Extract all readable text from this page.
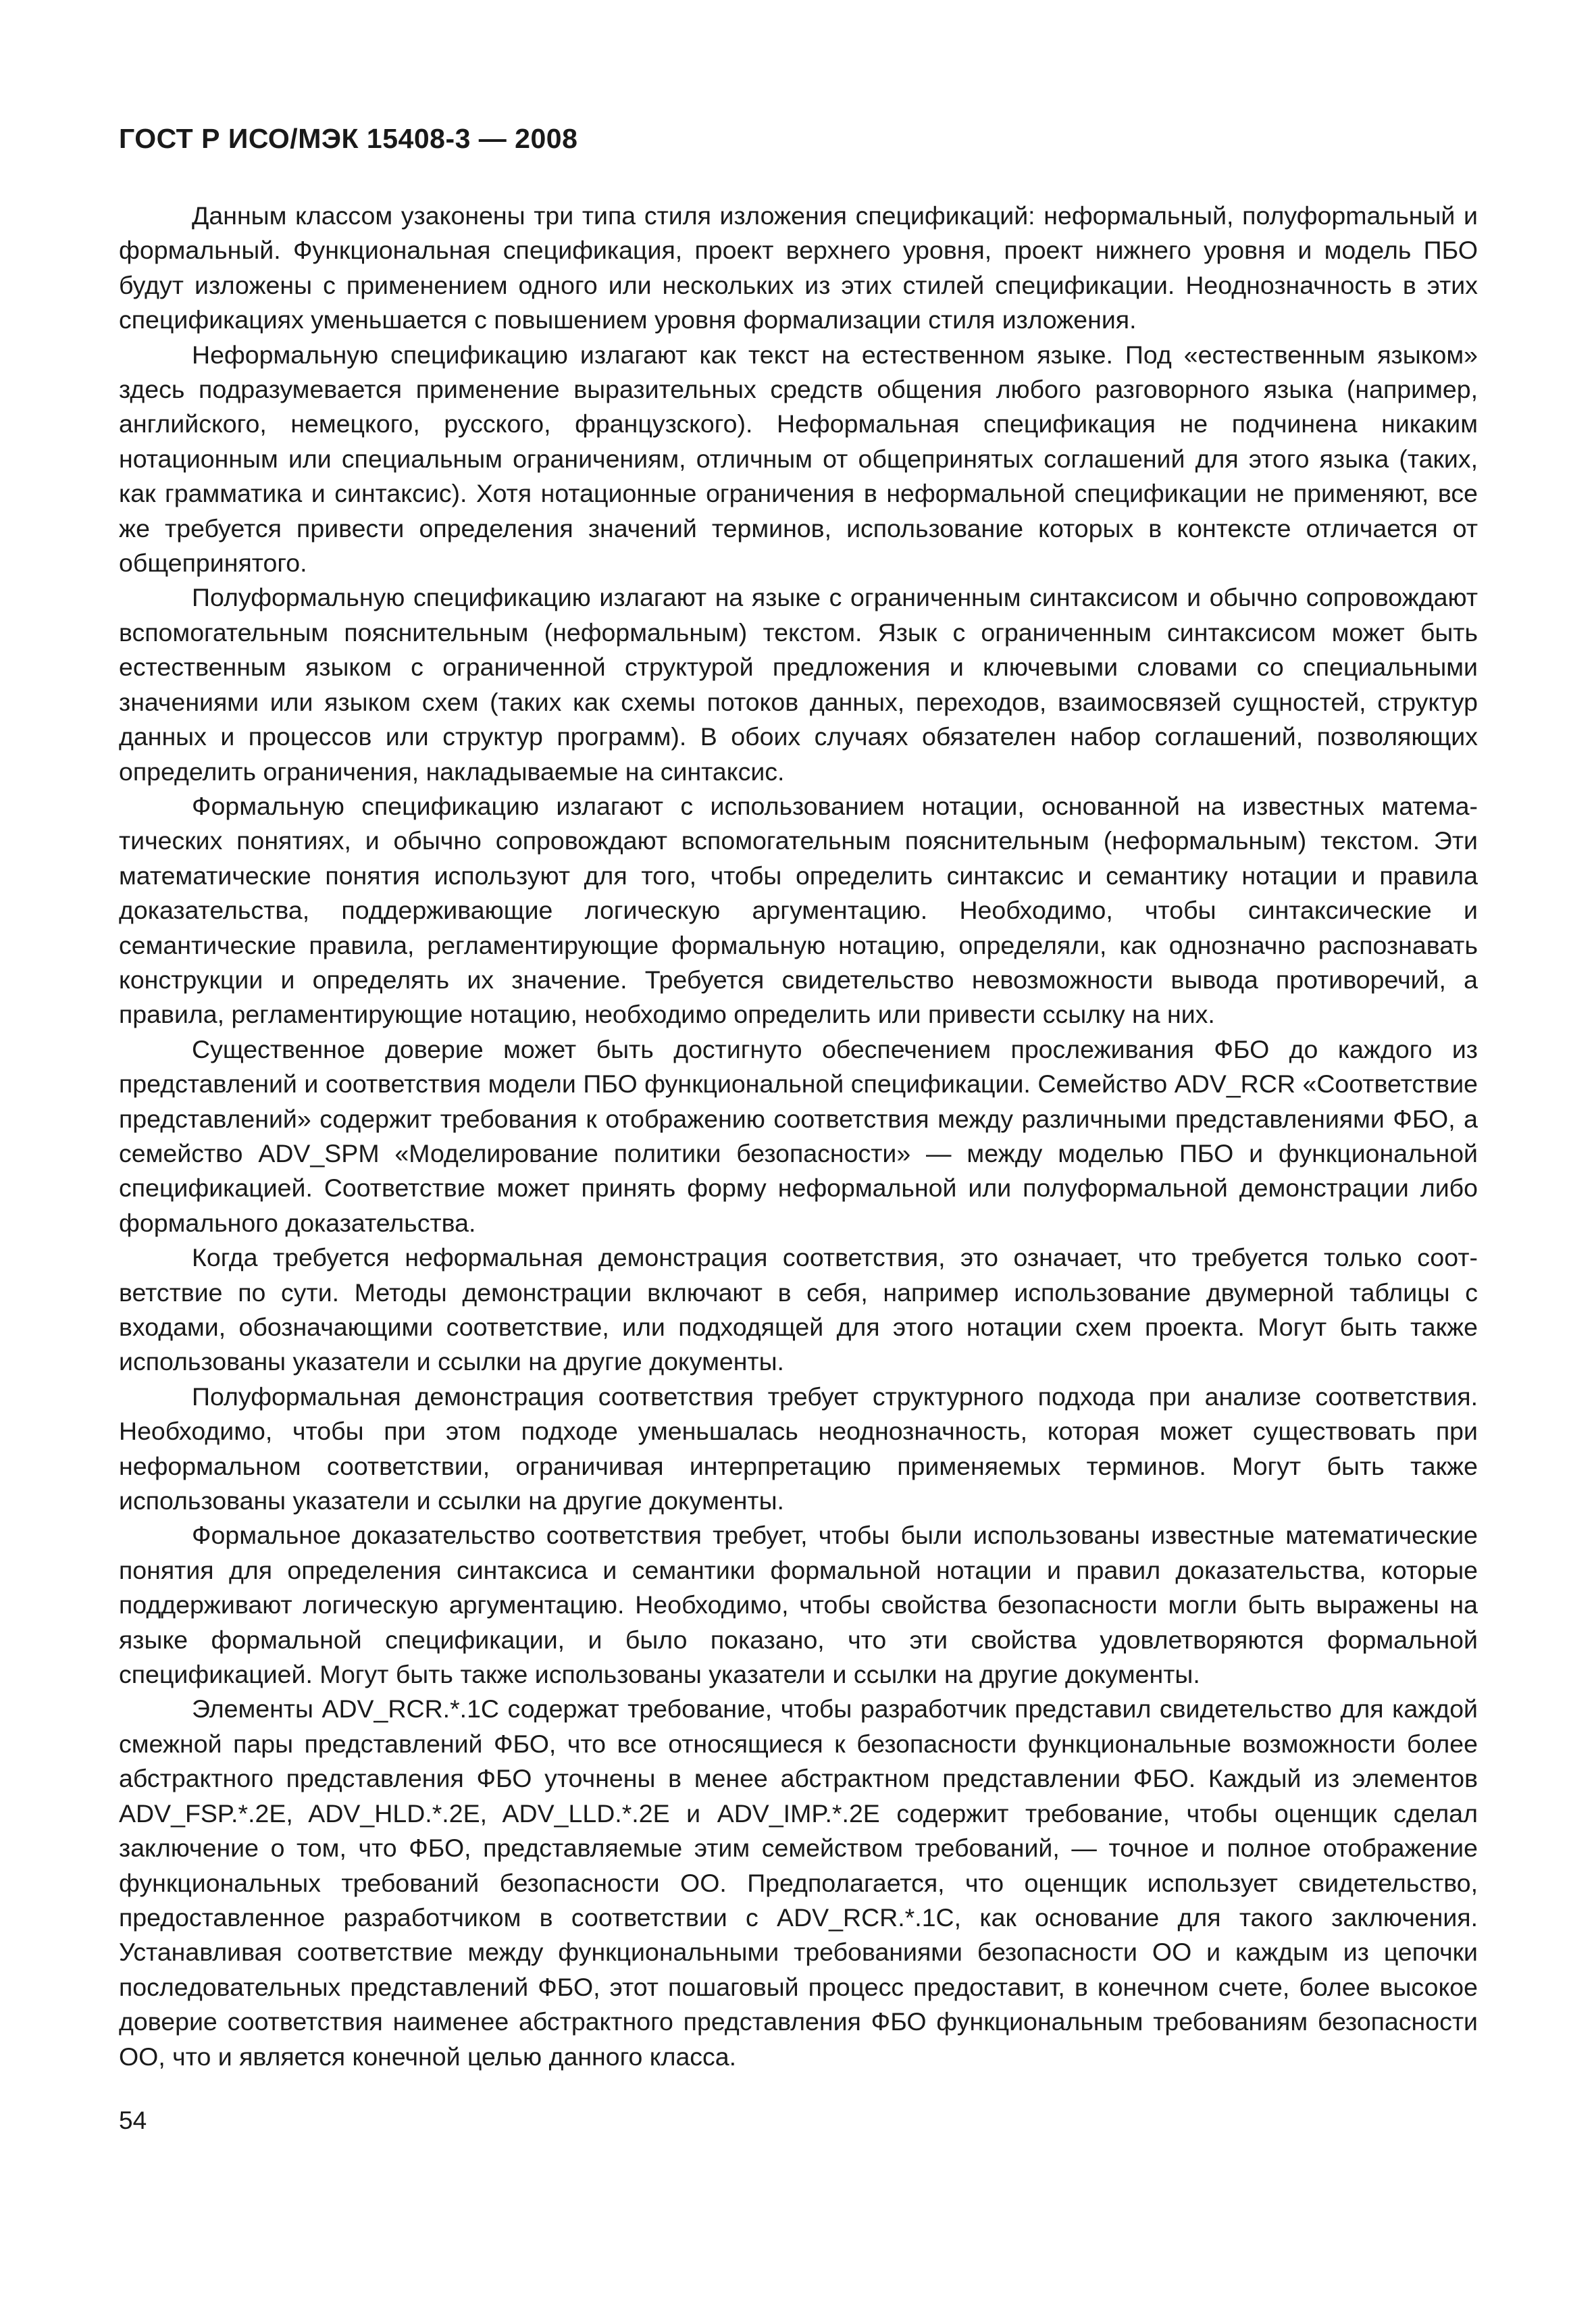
ГОСТ Р ИСО/МЭК 15408-3 — 2008

Данным классом узаконены три типа стиля изложения спецификаций: неформальный, полуфорmальный и формальный. Функциональная спецификация, проект верхнего уровня, проект нижнего уровня и модель ПБО будут изложены с применением одного или нескольких из этих стилей спецификации. Неоднозначность в этих спецификациях уменьшается с повышением уровня формализации стиля изложения.

Неформальную спецификацию излагают как текст на естественном языке. Под «естественным языком» здесь подразумевается применение выразительных средств общения любого разговорного языка (например, английского, немецкого, русского, французского). Неформальная спецификация не подчинена никаким нотационным или специальным ограничениям, отличным от общепринятых соглашений для этого языка (таких, как грамматика и синтаксис). Хотя нотационные ограничения в неформальной спецификации не применяют, все же требуется привести определения значений терминов, использование которых в контексте отличается от общепринятого.

Полуформальную спецификацию излагают на языке с ограниченным синтаксисом и обычно сопровождают вспомогательным пояснительным (неформальным) текстом. Язык с ограниченным синтаксисом может быть естественным языком с ограниченной структурой предложения и ключевыми словами со специальными значениями или языком схем (таких как схемы потоков данных, переходов, взаимосвязей сущностей, структур данных и процессов или структур программ). В обоих случаях обязателен набор соглашений, позволяющих определить ограничения, накладываемые на синтаксис.

Формальную спецификацию излагают с использованием нотации, основанной на известных математических понятиях, и обычно сопровождают вспомогательным пояснительным (неформальным) текстом. Эти математические понятия используют для того, чтобы определить синтаксис и семантику нотации и правила доказательства, поддерживающие логическую аргументацию. Необходимо, чтобы синтаксические и семантические правила, регламентирующие формальную нотацию, определяли, как однозначно распознавать конструкции и определять их значение. Требуется свидетельство невозможности вывода противоречий, а правила, регламентирующие нотацию, необходимо определить или привести ссылку на них.

Существенное доверие может быть достигнуто обеспечением прослеживания ФБО до каждого из представлений и соответствия модели ПБО функциональной спецификации. Семейство ADV_RCR «Соответствие представлений» содержит требования к отображению соответствия между различными представлениями ФБО, а семейство ADV_SPM «Моделирование политики безопасности» — между моделью ПБО и функциональной спецификацией. Соответствие может принять форму неформальной или полуформальной демонстрации либо формального доказательства.

Когда требуется неформальная демонстрация соответствия, это означает, что требуется только соответствие по сути. Методы демонстрации включают в себя, например использование двумерной таблицы с входами, обозначающими соответствие, или подходящей для этого нотации схем проекта. Могут быть также использованы указатели и ссылки на другие документы.

Полуформальная демонстрация соответствия требует структурного подхода при анализе соответствия. Необходимо, чтобы при этом подходе уменьшалась неоднозначность, которая может существовать при неформальном соответствии, ограничивая интерпретацию применяемых терминов. Могут быть также использованы указатели и ссылки на другие документы.

Формальное доказательство соответствия требует, чтобы были использованы известные математические понятия для определения синтаксиса и семантики формальной нотации и правил доказательства, которые поддерживают логическую аргументацию. Необходимо, чтобы свойства безопасности могли быть выражены на языке формальной спецификации, и было показано, что эти свойства удовлетворяются формальной спецификацией. Могут быть также использованы указатели и ссылки на другие документы.

Элементы ADV_RCR.*.1C содержат требование, чтобы разработчик представил свидетельство для каждой смежной пары представлений ФБО, что все относящиеся к безопасности функциональные возможности более абстрактного представления ФБО уточнены в менее абстрактном представлении ФБО. Каждый из элементов ADV_FSP.*.2E, ADV_HLD.*.2E, ADV_LLD.*.2E и ADV_IMP.*.2E содержит требование, чтобы оценщик сделал заключение о том, что ФБО, представляемые этим семейством требований, — точное и полное отображение функциональных требований безопасности ОО. Предполагается, что оценщик использует свидетельство, предоставленное разработчиком в соответствии с ADV_RCR.*.1C, как основание для такого заключения. Устанавливая соответствие между функциональными требованиями безопасности ОО и каждым из цепочки последовательных представлений ФБО, этот пошаговый процесс предоставит, в конечном счете, более высокое доверие соответствия наименее абстрактного представления ФБО функциональным требованиям безопасности ОО, что и является конечной целью данного класса.

54
